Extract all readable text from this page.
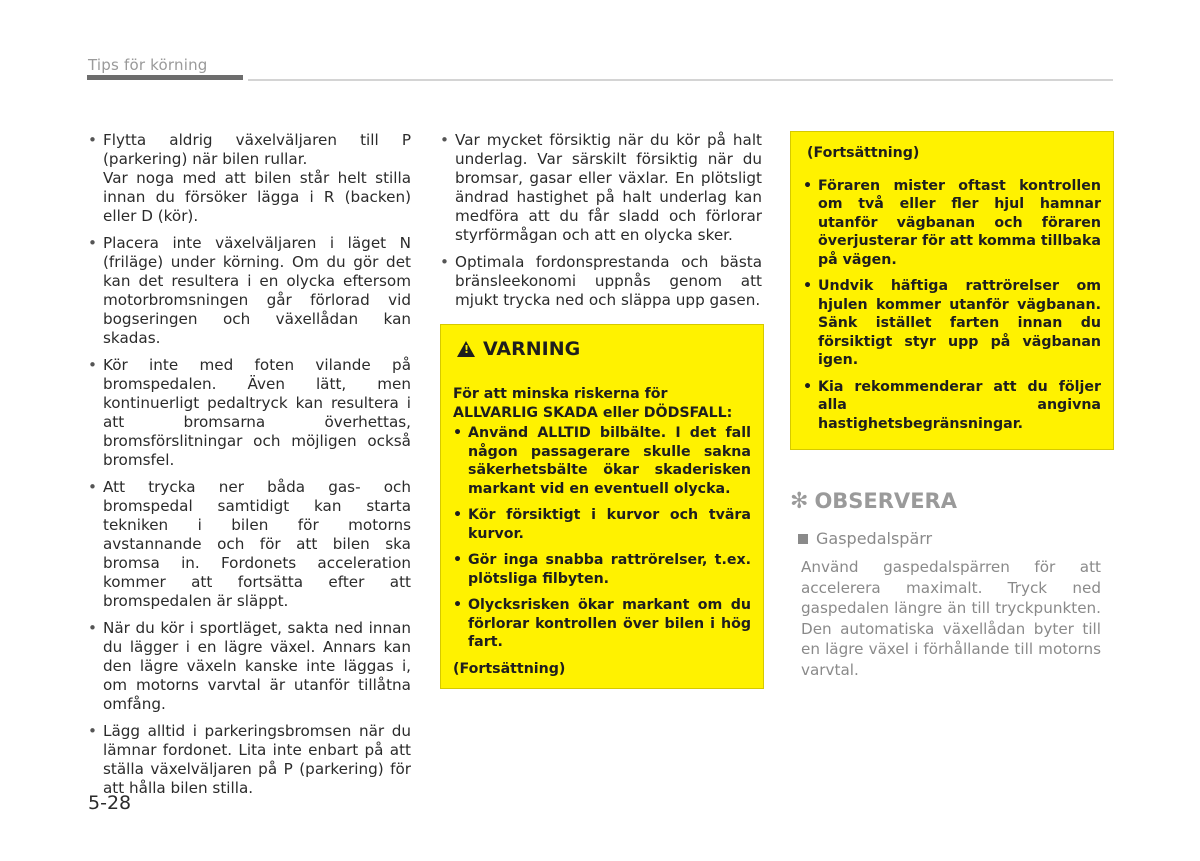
Tips för körning
• Flytta aldrig växelväljaren till P (parkering) när bilen rullar.

Var noga med att bilen står helt stilla innan du försöker lägga i R (backen) eller D (kör).

• Placera inte växelväljaren i läget N (friläge) under körning. Om du gör det kan det resultera i en olycka eftersom motorbromsningen går förlorad vid bogseringen och växellådan kan skadas.

• Kör inte med foten vilande på bromspedalen. Även lätt, men kontinuerligt pedaltryck kan resultera i att bromsarna överhettas, bromsförslitningar och möjligen också bromsfel.

• Att trycka ner båda gas- och bromspedal samtidigt kan starta tekniken i bilen för motorns avstannande och för att bilen ska bromsa in. Fordonets acceleration kommer att fortsätta efter att bromspedalen är släppt.

• När du kör i sportläget, sakta ned innan du lägger i en lägre växel. Annars kan den lägre växeln kanske inte läggas i, om motorns varvtal är utanför tillåtna omfång.

• Lägg alltid i parkeringsbromsen när du lämnar fordonet. Lita inte enbart på att ställa växelväljaren på P (parkering) för att hålla bilen stilla.

• Var mycket försiktig när du kör på halt underlag. Var särskilt försiktig när du bromsar, gasar eller växlar. En plötsligt ändrad hastighet på halt underlag kan medföra att du får sladd och förlorar styrförmågan och att en olycka sker.

• Optimala fordonsprestanda och bästa bränsleekonomi uppnås genom att mjukt trycka ned och släppa upp gasen.

! VARNING
För att minska riskerna för ALLVARLIG SKADA eller DÖDSFALL:
• Använd ALLTID bilbälte. I det fall någon passagerare skulle sakna säkerhetsbälte ökar skaderisken markant vid en eventuell olycka.
• Kör försiktigt i kurvor och tvära kurvor.
• Gör inga snabba rattrörelser, t.ex. plötsliga filbyten.
• Olycksrisken ökar markant om du förlorar kontrollen över bilen i hög fart.
(Fortsättning)
(Fortsättning)
• Föraren mister oftast kontrollen om två eller fler hjul hamnar utanför vägbanan och föraren överjusterar för att komma tillbaka på vägen.
• Undvik häftiga rattrörelser om hjulen kommer utanför vägbanan. Sänk istället farten innan du försiktigt styr upp på vägbanan igen.
• Kia rekommenderar att du följer alla angivna hastighetsbegränsningar.
✻ OBSERVERA
Gaspedalspärr
Använd gaspedalspärren för att accelerera maximalt. Tryck ned gaspedalen längre än till tryckpunkten. Den automatiska växellådan byter till en lägre växel i förhållande till motorns varvtal.
5-28
